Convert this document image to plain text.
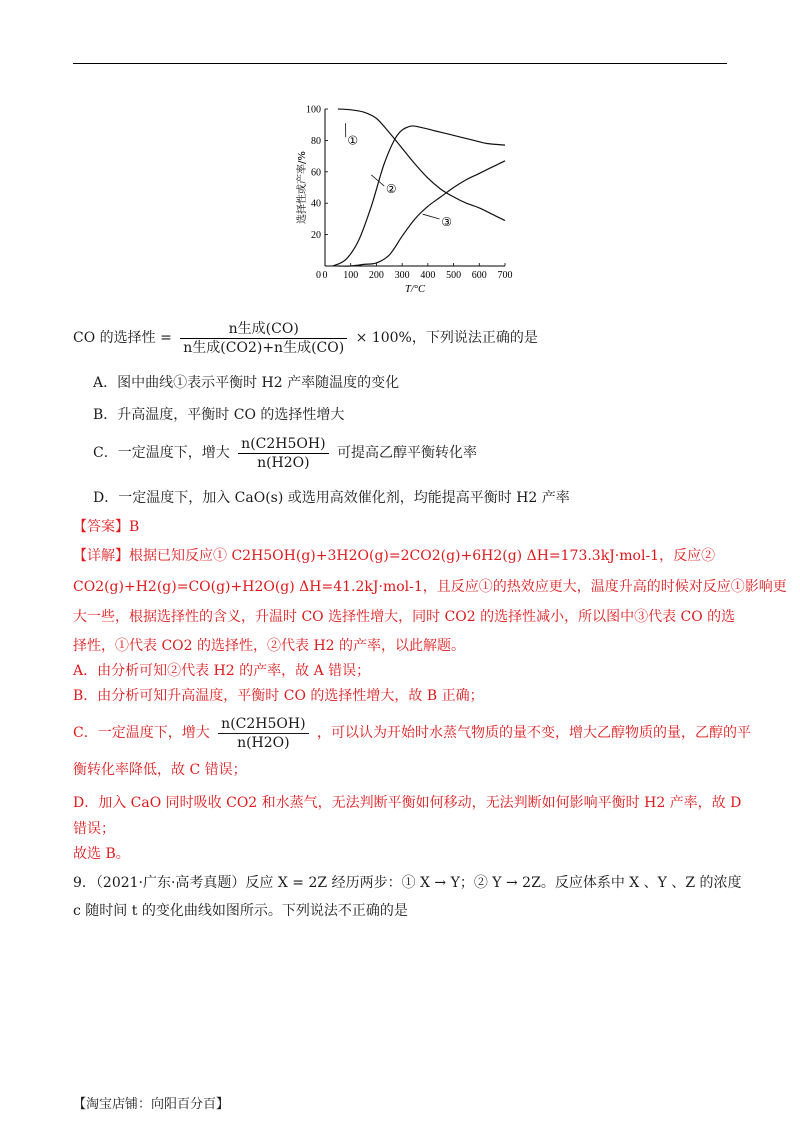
0 100 200 300 400 500 600 700
20
40
60
80
100
0
T/°C
选择性或产率/%
①
②
③
CO 的选择性 = $\frac{\text{n生成(CO)}}{\text{n生成(CO2)+n生成(CO)}} \times 100\%$，下列说法正确的是
A．图中曲线①表示平衡时 H2 产率随温度的变化
B．升高温度，平衡时 CO 的选择性增大
C．一定温度下，增大 $\frac{n(C2H5OH)}{n(H2O)}$ 可提高乙醇平衡转化率
D．一定温度下，加入 CaO(s) 或选用高效催化剂，均能提高平衡时 H2 产率
【答案】B
【详解】根据已知反应① C2H5OH(g)+3H2O(g)=2CO2(g)+6H2(g) ΔH=173.3kJ·mol-1，反应②
CO2(g)+H2(g)=CO(g)+H2O(g) ΔH=41.2kJ·mol-1，且反应①的热效应更大，温度升高的时候对反应①影响更
大一些，根据选择性的含义，升温时 CO 选择性增大，同时 CO2 的选择性减小，所以图中③代表 CO 的选
择性，①代表 CO2 的选择性，②代表 H2 的产率，以此解题。
A．由分析可知②代表 H2 的产率，故 A 错误；
B．由分析可知升高温度，平衡时 CO 的选择性增大，故 B 正确；
C．一定温度下，增大 $\frac{n(C2H5OH)}{n(H2O)}$ ，可以认为开始时水蒸气物质的量不变，增大乙醇物质的量，乙醇的平
衡转化率降低，故 C 错误；
D．加入 CaO 同时吸收 CO2 和水蒸气，无法判断平衡如何移动，无法判断如何影响平衡时 H2 产率，故 D
错误；
故选 B。
9．（2021·广东·高考真题）反应 X = 2Z 经历两步：① X → Y；② Y → 2Z。反应体系中 X 、Y 、Z 的浓度
c 随时间 t 的变化曲线如图所示。下列说法不正确的是
【淘宝店铺：向阳百分百】
